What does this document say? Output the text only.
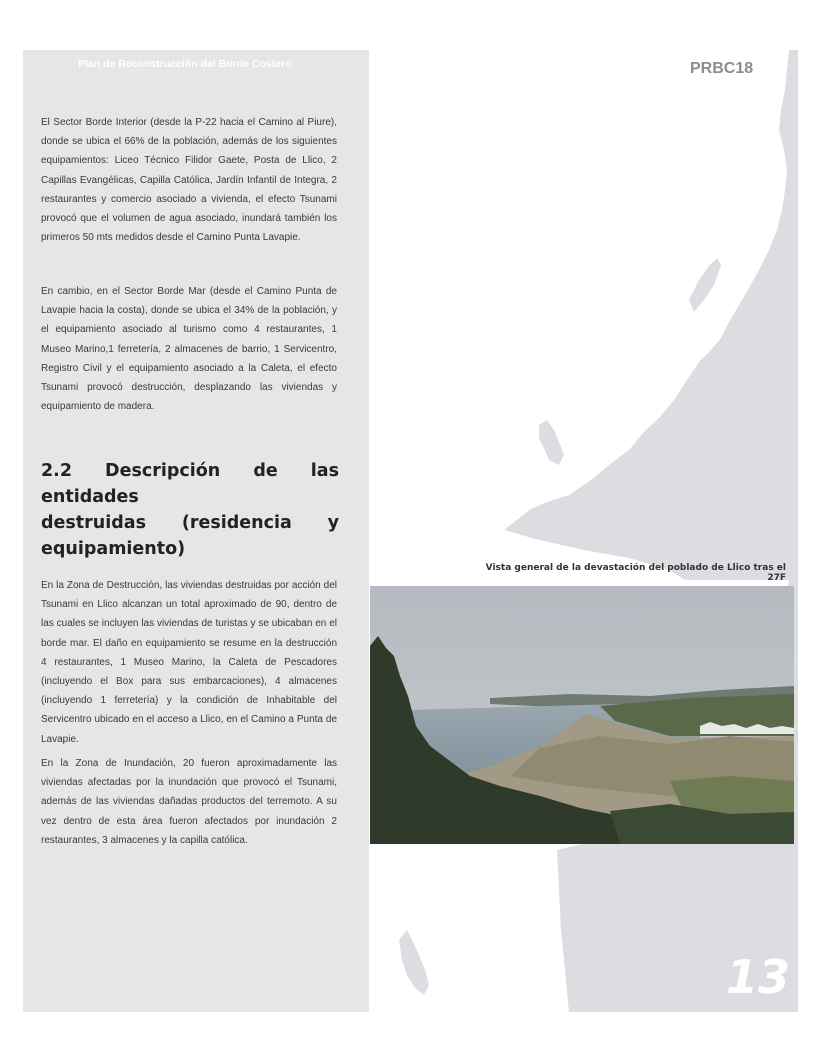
Plan de Reconstrucción del Borde Costero	PRBC18

El Sector Borde Interior (desde la P-22 hacia el Camino al Piure), donde se ubica el 66% de la población, además de los siguientes equipamientos: Liceo Técnico Filidor Gaete, Posta de Llico, 2 Capillas Evangélicas, Capilla Católica, Jardín Infantil de Integra, 2 restaurantes y comercio asociado a vivienda, el efecto Tsunami provocó que el volumen de agua asociado, inundará también los primeros 50 mts medidos desde el Camino Punta Lavapie.

En cambio, en el Sector Borde Mar (desde el Camino Punta de Lavapie hacia la costa), donde se ubica el 34% de la población, y el equipamiento asociado al turismo como 4 restaurantes, 1 Museo Marino,1 ferretería, 2 almacenes de barrio, 1 Servicentro, Registro Civil y el equipamiento asociado a la Caleta, el efecto Tsunami provocó destrucción, desplazando las viviendas y equipamiento de madera.

2.2 Descripción de las entidades
destruidas (residencia y
equipamiento)

En la Zona de Destrucción, las viviendas destruidas por acción del Tsunami en Llico alcanzan un total aproximado de 90, dentro de las cuales se incluyen las viviendas de turistas y se ubicaban en el borde mar. El daño en equipamiento se resume en la destrucción 4 restaurantes, 1 Museo Marino, la Caleta de Pescadores (incluyendo el Box para sus embarcaciones), 4 almacenes (incluyendo 1 ferretería) y la condición de Inhabitable del Servicentro ubicado en el acceso a Llico, en el Camino a Punta de Lavapie.

En la Zona de Inundación, 20 fueron aproximadamente las viviendas afectadas por la inundación que provocó el Tsunami, además de las viviendas dañadas productos del terremoto. A su vez dentro de esta área fueron afectados por inundación 2 restaurantes, 3 almacenes y la capilla católica.

Vista general de la devastación del poblado de Llico tras el 27F
13
